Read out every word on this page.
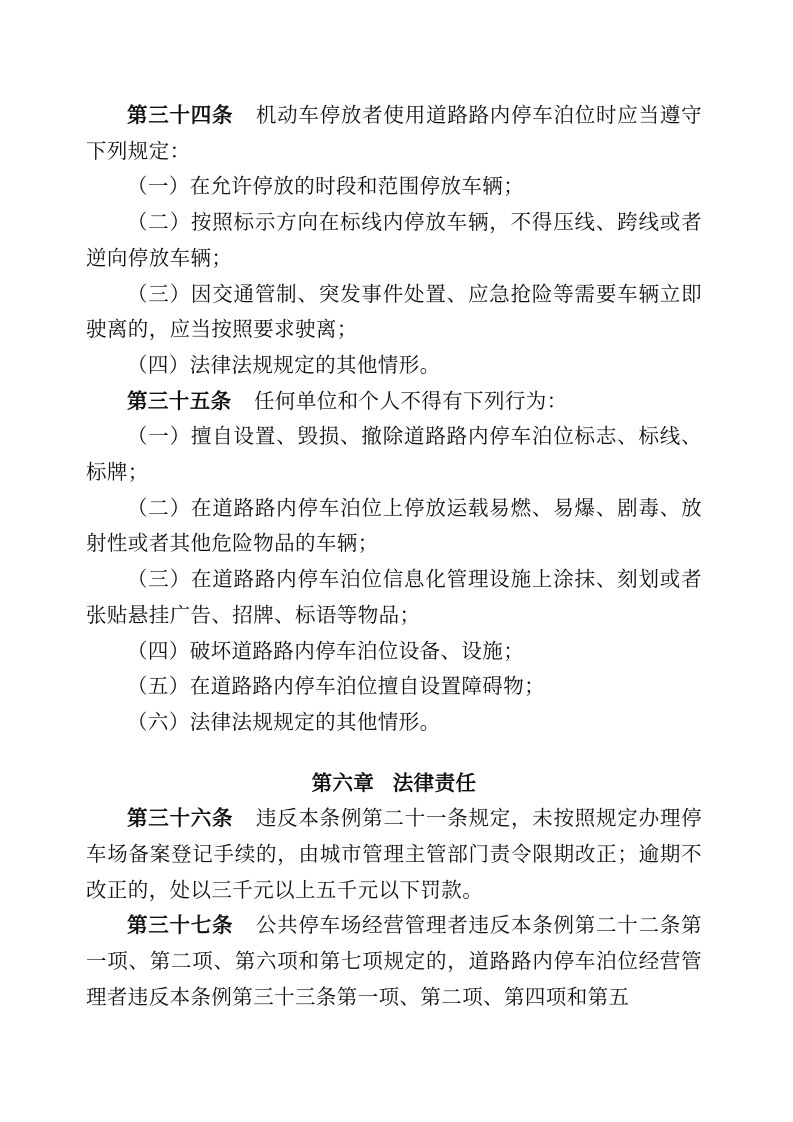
第三十四条 机动车停放者使用道路路内停车泊位时应当遵守下列规定：

（一）在允许停放的时段和范围停放车辆；

（二）按照标示方向在标线内停放车辆，不得压线、跨线或者逆向停放车辆；

（三）因交通管制、突发事件处置、应急抢险等需要车辆立即驶离的，应当按照要求驶离；

（四）法律法规规定的其他情形。

第三十五条 任何单位和个人不得有下列行为：

（一）擅自设置、毁损、撤除道路路内停车泊位标志、标线、标牌；

（二）在道路路内停车泊位上停放运载易燃、易爆、剧毒、放射性或者其他危险物品的车辆；

（三）在道路路内停车泊位信息化管理设施上涂抹、刻划或者张贴悬挂广告、招牌、标语等物品；

（四）破坏道路路内停车泊位设备、设施；

（五）在道路路内停车泊位擅自设置障碍物；

（六）法律法规规定的其他情形。

第六章 法律责任

第三十六条 违反本条例第二十一条规定，未按照规定办理停车场备案登记手续的，由城市管理主管部门责令限期改正；逾期不改正的，处以三千元以上五千元以下罚款。

第三十七条 公共停车场经营管理者违反本条例第二十二条第一项、第二项、第六项和第七项规定的，道路路内停车泊位经营管理者违反本条例第三十三条第一项、第二项、第四项和第五
